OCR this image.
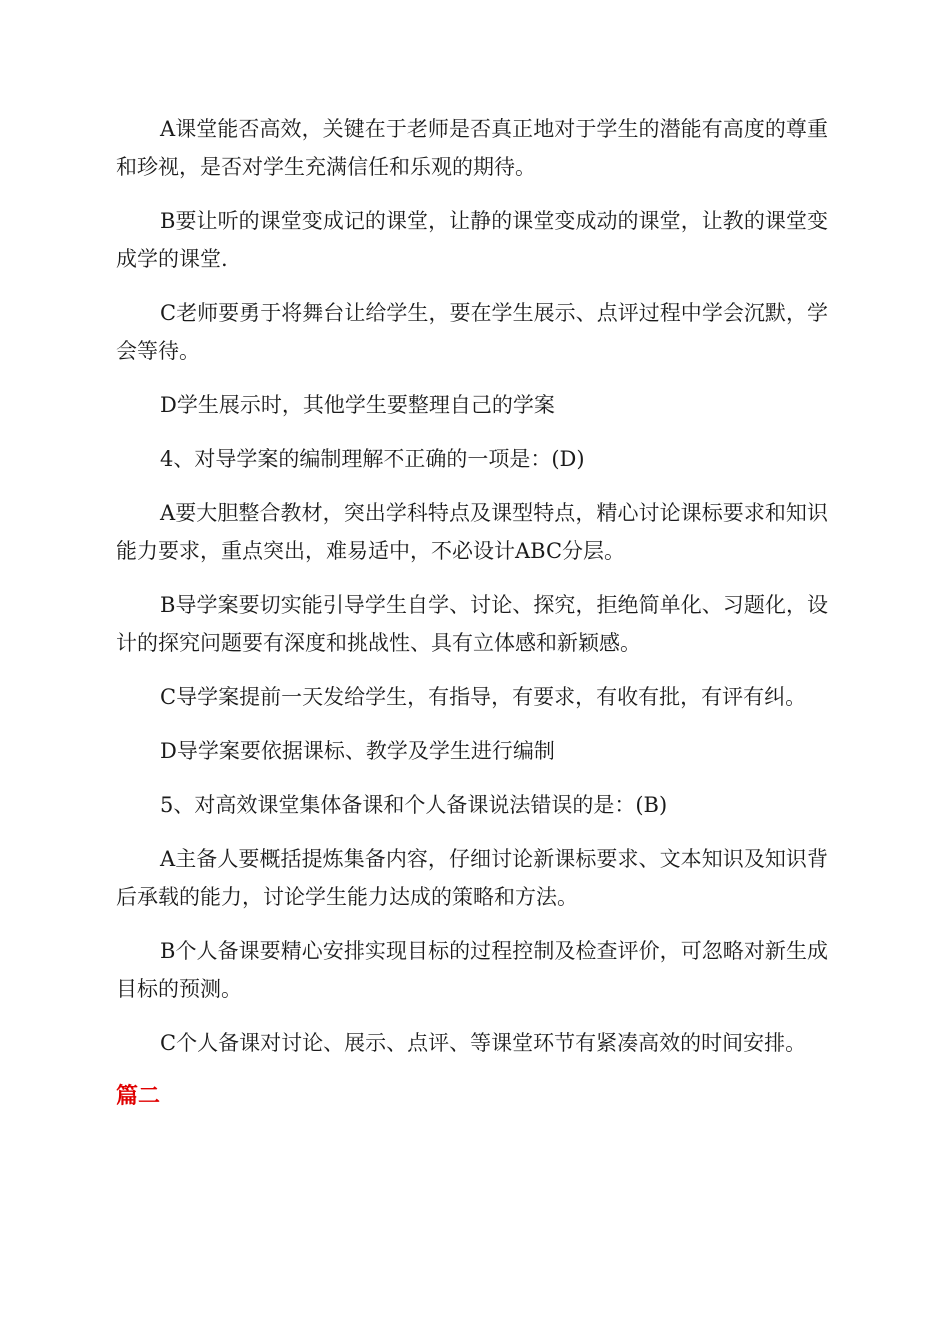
A课堂能否高效，关键在于老师是否真正地对于学生的潜能有高度的尊重和珍视，是否对学生充满信任和乐观的期待。

B要让听的课堂变成记的课堂，让静的课堂变成动的课堂，让教的课堂变成学的课堂.

C老师要勇于将舞台让给学生，要在学生展示、点评过程中学会沉默，学会等待。

D学生展示时，其他学生要整理自己的学案

4、对导学案的编制理解不正确的一项是：(D)

A要大胆整合教材，突出学科特点及课型特点，精心讨论课标要求和知识能力要求，重点突出，难易适中，不必设计ABC分层。

B导学案要切实能引导学生自学、讨论、探究，拒绝简单化、习题化，设计的探究问题要有深度和挑战性、具有立体感和新颖感。

C导学案提前一天发给学生，有指导，有要求，有收有批，有评有纠。

D导学案要依据课标、教学及学生进行编制

5、对高效课堂集体备课和个人备课说法错误的是：(B)

A主备人要概括提炼集备内容，仔细讨论新课标要求、文本知识及知识背后承载的能力，讨论学生能力达成的策略和方法。

B个人备课要精心安排实现目标的过程控制及检查评价，可忽略对新生成目标的预测。

C个人备课对讨论、展示、点评、等课堂环节有紧凑高效的时间安排。

篇二
